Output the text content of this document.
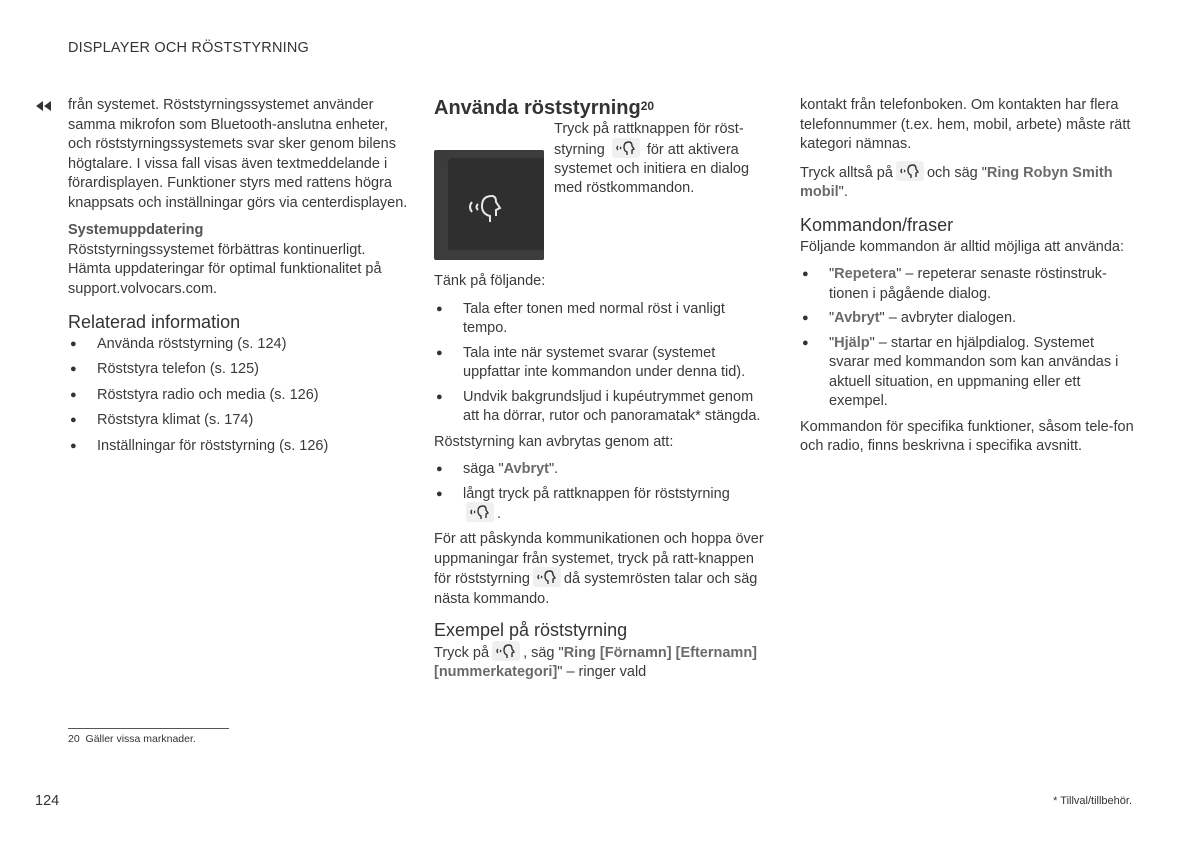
DISPLAYER OCH RÖSTSTYRNING

från systemet. Röststyrningssystemet använder samma mikrofon som Bluetooth-anslutna enheter, och röststyrningssystemets svar sker genom bilens högtalare. I vissa fall visas även textmeddelande i förardisplayen. Funktioner styrs med rattens högra knappsats och inställningar görs via centerdisplayen.

Systemuppdatering

Röststyrningssystemet förbättras kontinuerligt. Hämta uppdateringar för optimal funktionalitet på support.volvocars.com.

Relaterad information
● Använda röststyrning (s. 124)
● Röststyra telefon (s. 125)
● Röststyra radio och media (s. 126)
● Röststyra klimat (s. 174)
● Inställningar för röststyrning (s. 126)
Använda röststyrning$^{20}$
Tryck på rattknappen för röst-styrning	för att aktivera systemet och initiera en dialog med röstkommandon.

Tänk på följande:

● Tala efter tonen med normal röst i vanligt tempo.
● Tala inte när systemet svarar (systemet uppfattar inte kommandon under denna tid).
● Undvik bakgrundsljud i kupéutrymmet genom att ha dörrar, rutor och panoramatak* stängda.

Röststyrning kan avbrytas genom att:

● säga "Avbryt".
● långt tryck på rattknappen för röststyrning

.

För att påskynda kommunikationen och hoppa över uppmaningar från systemet, tryck på ratt-knappen för röststyrning då systemrösten talar och säg nästa kommando.

Exempel på röststyrning

Tryck på , säg "Ring [Förnamn] [Efternamn] [nummerkategori]" – ringer vald

kontakt från telefonboken. Om kontakten har flera telefonnummer (t.ex. hem, mobil, arbete) måste rätt kategori nämnas.

Tryck alltså på och säg "Ring Robyn Smith mobil".

Kommandon/fraser

Följande kommandon är alltid möjliga att använda:

● "Repetera" – repeterar senaste röstinstruk-tionen i pågående dialog.
● "Avbryt" – avbryter dialogen.
● "Hjälp" – startar en hjälpdialog. Systemet svarar med kommandon som kan användas i aktuell situation, en uppmaning eller ett exempel.

Kommandon för specifika funktioner, såsom tele-fon och radio, finns beskrivna i specifika avsnitt.

20 Gäller vissa marknader.
124	* Tillval/tillbehör.
